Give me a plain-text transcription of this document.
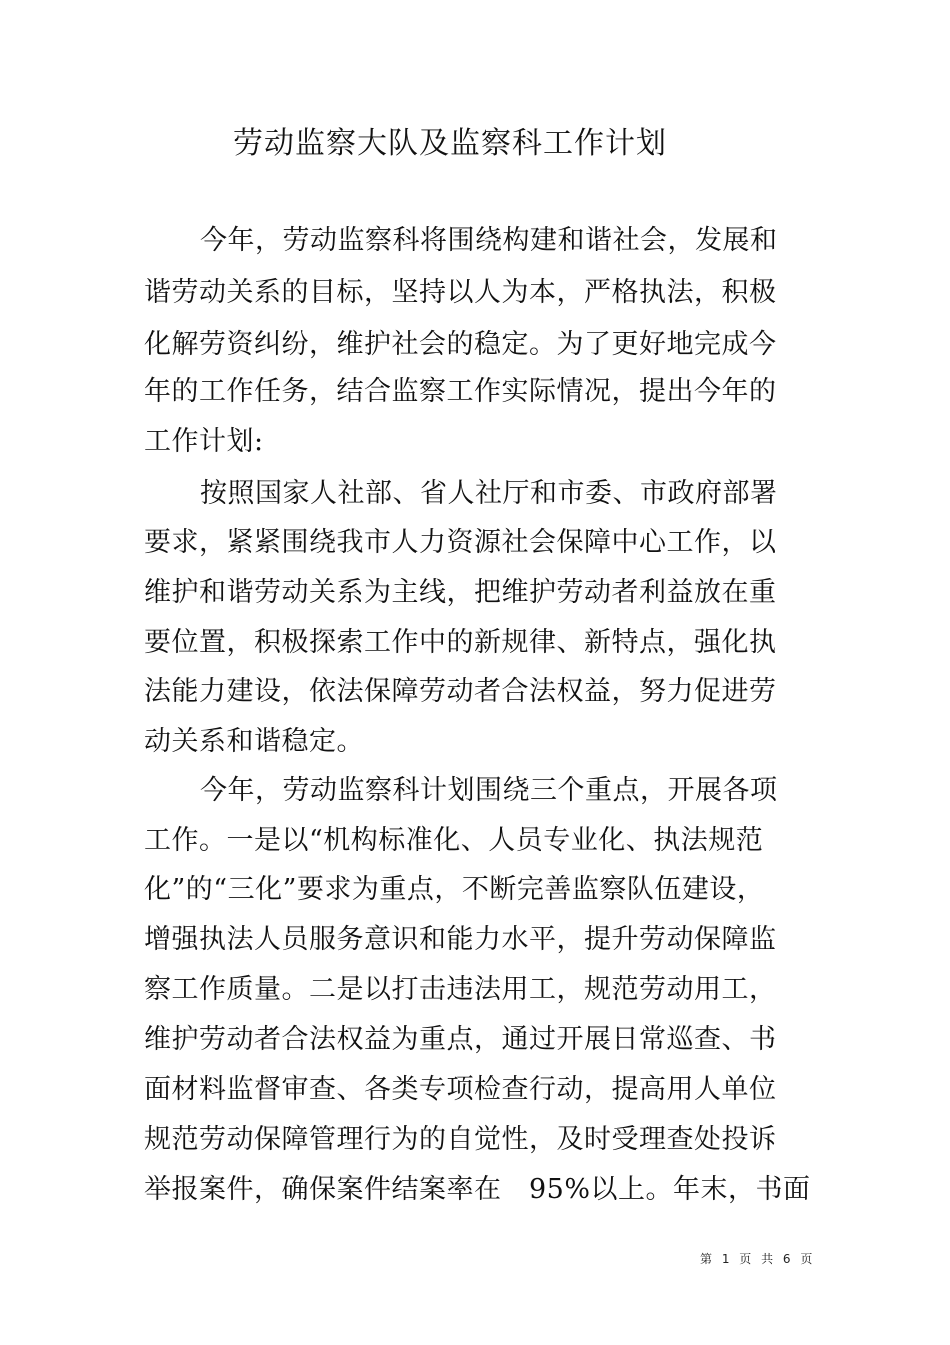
劳动监察大队及监察科工作计划
今年，劳动监察科将围绕构建和谐社会，发展和
谐劳动关系的目标，坚持以人为本，严格执法，积极
化解劳资纠纷，维护社会的稳定。为了更好地完成今
年的工作任务，结合监察工作实际情况，提出今年的
工作计划:
按照国家人社部、省人社厅和市委、市政府部署
要求，紧紧围绕我市人力资源社会保障中心工作，以
维护和谐劳动关系为主线，把维护劳动者利益放在重
要位置，积极探索工作中的新规律、新特点，强化执
法能力建设，依法保障劳动者合法权益，努力促进劳
动关系和谐稳定。
今年，劳动监察科计划围绕三个重点，开展各项
工作。一是以“机构标准化、人员专业化、执法规范
化”的“三化”要求为重点，不断完善监察队伍建设，
增强执法人员服务意识和能力水平，提升劳动保障监
察工作质量。二是以打击违法用工，规范劳动用工，
维护劳动者合法权益为重点，通过开展日常巡查、书
面材料监督审查、各类专项检查行动，提高用人单位
规范劳动保障管理行为的自觉性，及时受理查处投诉
举报案件，确保案件结案率在　95%以上。年末，书面
第 1 页 共 6 页
